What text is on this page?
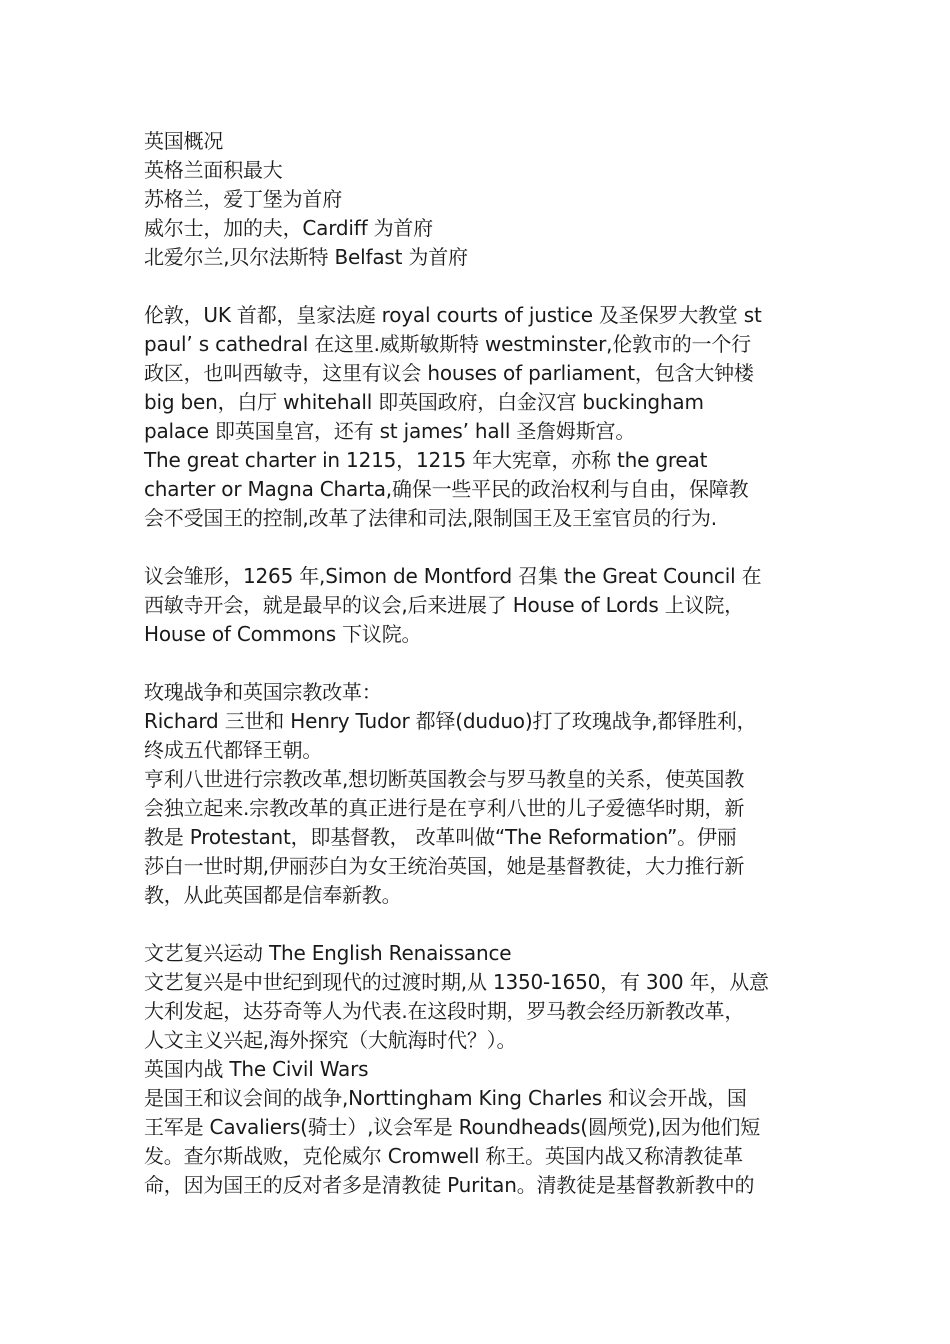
英国概况
英格兰面积最大
苏格兰，爱丁堡为首府
威尔士，加的夫，Cardiff 为首府
北爱尔兰,贝尔法斯特 Belfast 为首府
伦敦，UK 首都，皇家法庭 royal courts of justice 及圣保罗大教堂 st
paul’ s cathedral 在这里.威斯敏斯特 westminster,伦敦市的一个行
政区，也叫西敏寺，这里有议会 houses of parliament，包含大钟楼
big ben，白厅 whitehall 即英国政府，白金汉宫 buckingham
palace 即英国皇宫，还有 st james’ hall 圣詹姆斯宫。
The great charter in 1215，1215 年大宪章，亦称 the great
charter or Magna Charta,确保一些平民的政治权利与自由，保障教
会不受国王的控制,改革了法律和司法,限制国王及王室官员的行为.
议会雏形，1265 年,Simon de Montford 召集 the Great Council 在
西敏寺开会，就是最早的议会,后来进展了 House of Lords 上议院，
House of Commons 下议院。
玫瑰战争和英国宗教改革：
Richard 三世和 Henry Tudor 都铎(duduo)打了玫瑰战争,都铎胜利，
终成五代都铎王朝。
亨利八世进行宗教改革,想切断英国教会与罗马教皇的关系，使英国教
会独立起来.宗教改革的真正进行是在亨利八世的儿子爱德华时期，新
教是 Protestant，即基督教， 改革叫做“The Reformation”。伊丽
莎白一世时期,伊丽莎白为女王统治英国，她是基督教徒，大力推行新
教，从此英国都是信奉新教。
文艺复兴运动 The English Renaissance
文艺复兴是中世纪到现代的过渡时期,从 1350-1650，有 300 年，从意
大利发起，达芬奇等人为代表.在这段时期，罗马教会经历新教改革，
人文主义兴起,海外探究（大航海时代？）。
英国内战 The Civil Wars
是国王和议会间的战争,Norttingham King Charles 和议会开战，国
王军是 Cavaliers(骑士）,议会军是 Roundheads(圆颅党),因为他们短
发。查尔斯战败，克伦威尔 Cromwell 称王。英国内战又称清教徒革
命，因为国王的反对者多是清教徒 Puritan。清教徒是基督教新教中的
